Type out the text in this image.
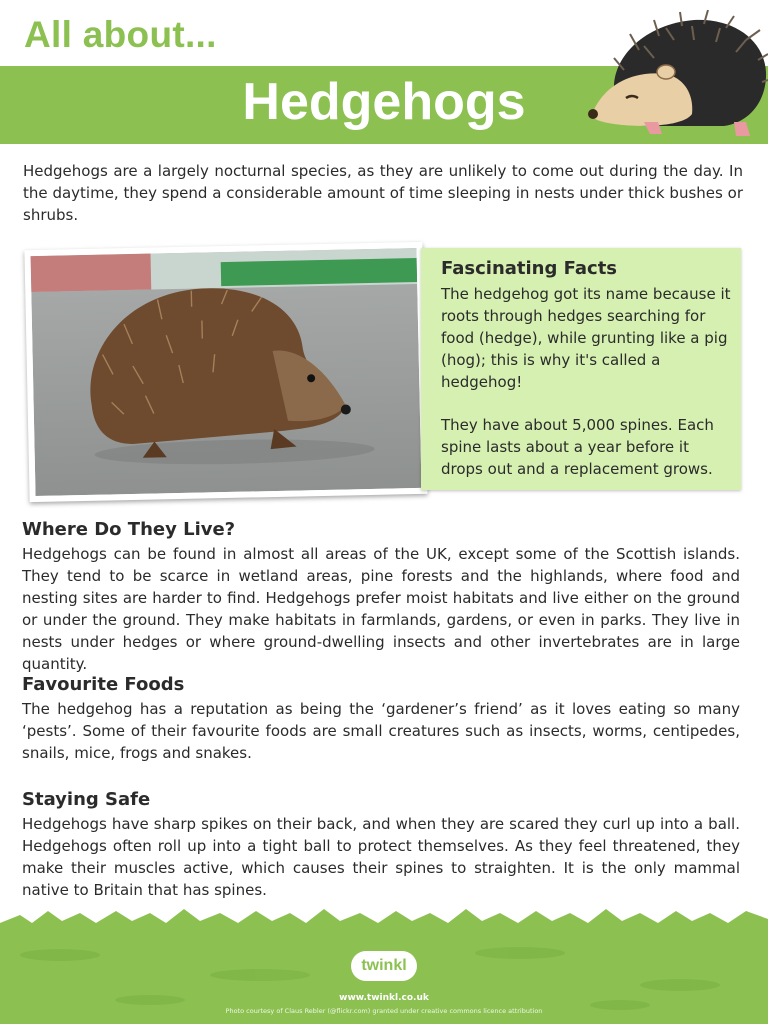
All about...
Hedgehogs

Hedgehogs are a largely nocturnal species, as they are unlikely to come out during the day. In the daytime, they spend a considerable amount of time sleeping in nests under thick bushes or shrubs.

Fascinating Facts

The hedgehog got its name because it roots through hedges searching for food (hedge), while grunting like a pig (hog); this is why it's called a hedgehog!

They have about 5,000 spines. Each spine lasts about a year before it drops out and a replacement grows.

Where Do They Live?

Hedgehogs can be found in almost all areas of the UK, except some of the Scottish islands. They tend to be scarce in wetland areas, pine forests and the highlands, where food and nesting sites are harder to find. Hedgehogs prefer moist habitats and live either on the ground or under the ground. They make habitats in farmlands, gardens, or even in parks. They live in nests under hedges or where ground-dwelling insects and other invertebrates are in large quantity.

Favourite Foods

The hedgehog has a reputation as being the ‘gardener’s friend’ as it loves eating so many ‘pests’. Some of their favourite foods are small creatures such as insects, worms, centipedes, snails, mice, frogs and snakes.

Staying Safe

Hedgehogs have sharp spikes on their back, and when they are scared they curl up into a ball. Hedgehogs often roll up into a tight ball to protect themselves. As they feel threatened, they make their muscles active, which causes their spines to straighten. It is the only mammal native to Britain that has spines.

twinkl
www.twinkl.co.uk
Photo courtesy of Claus Rebler (@flickr.com) granted under creative commons licence attribution
